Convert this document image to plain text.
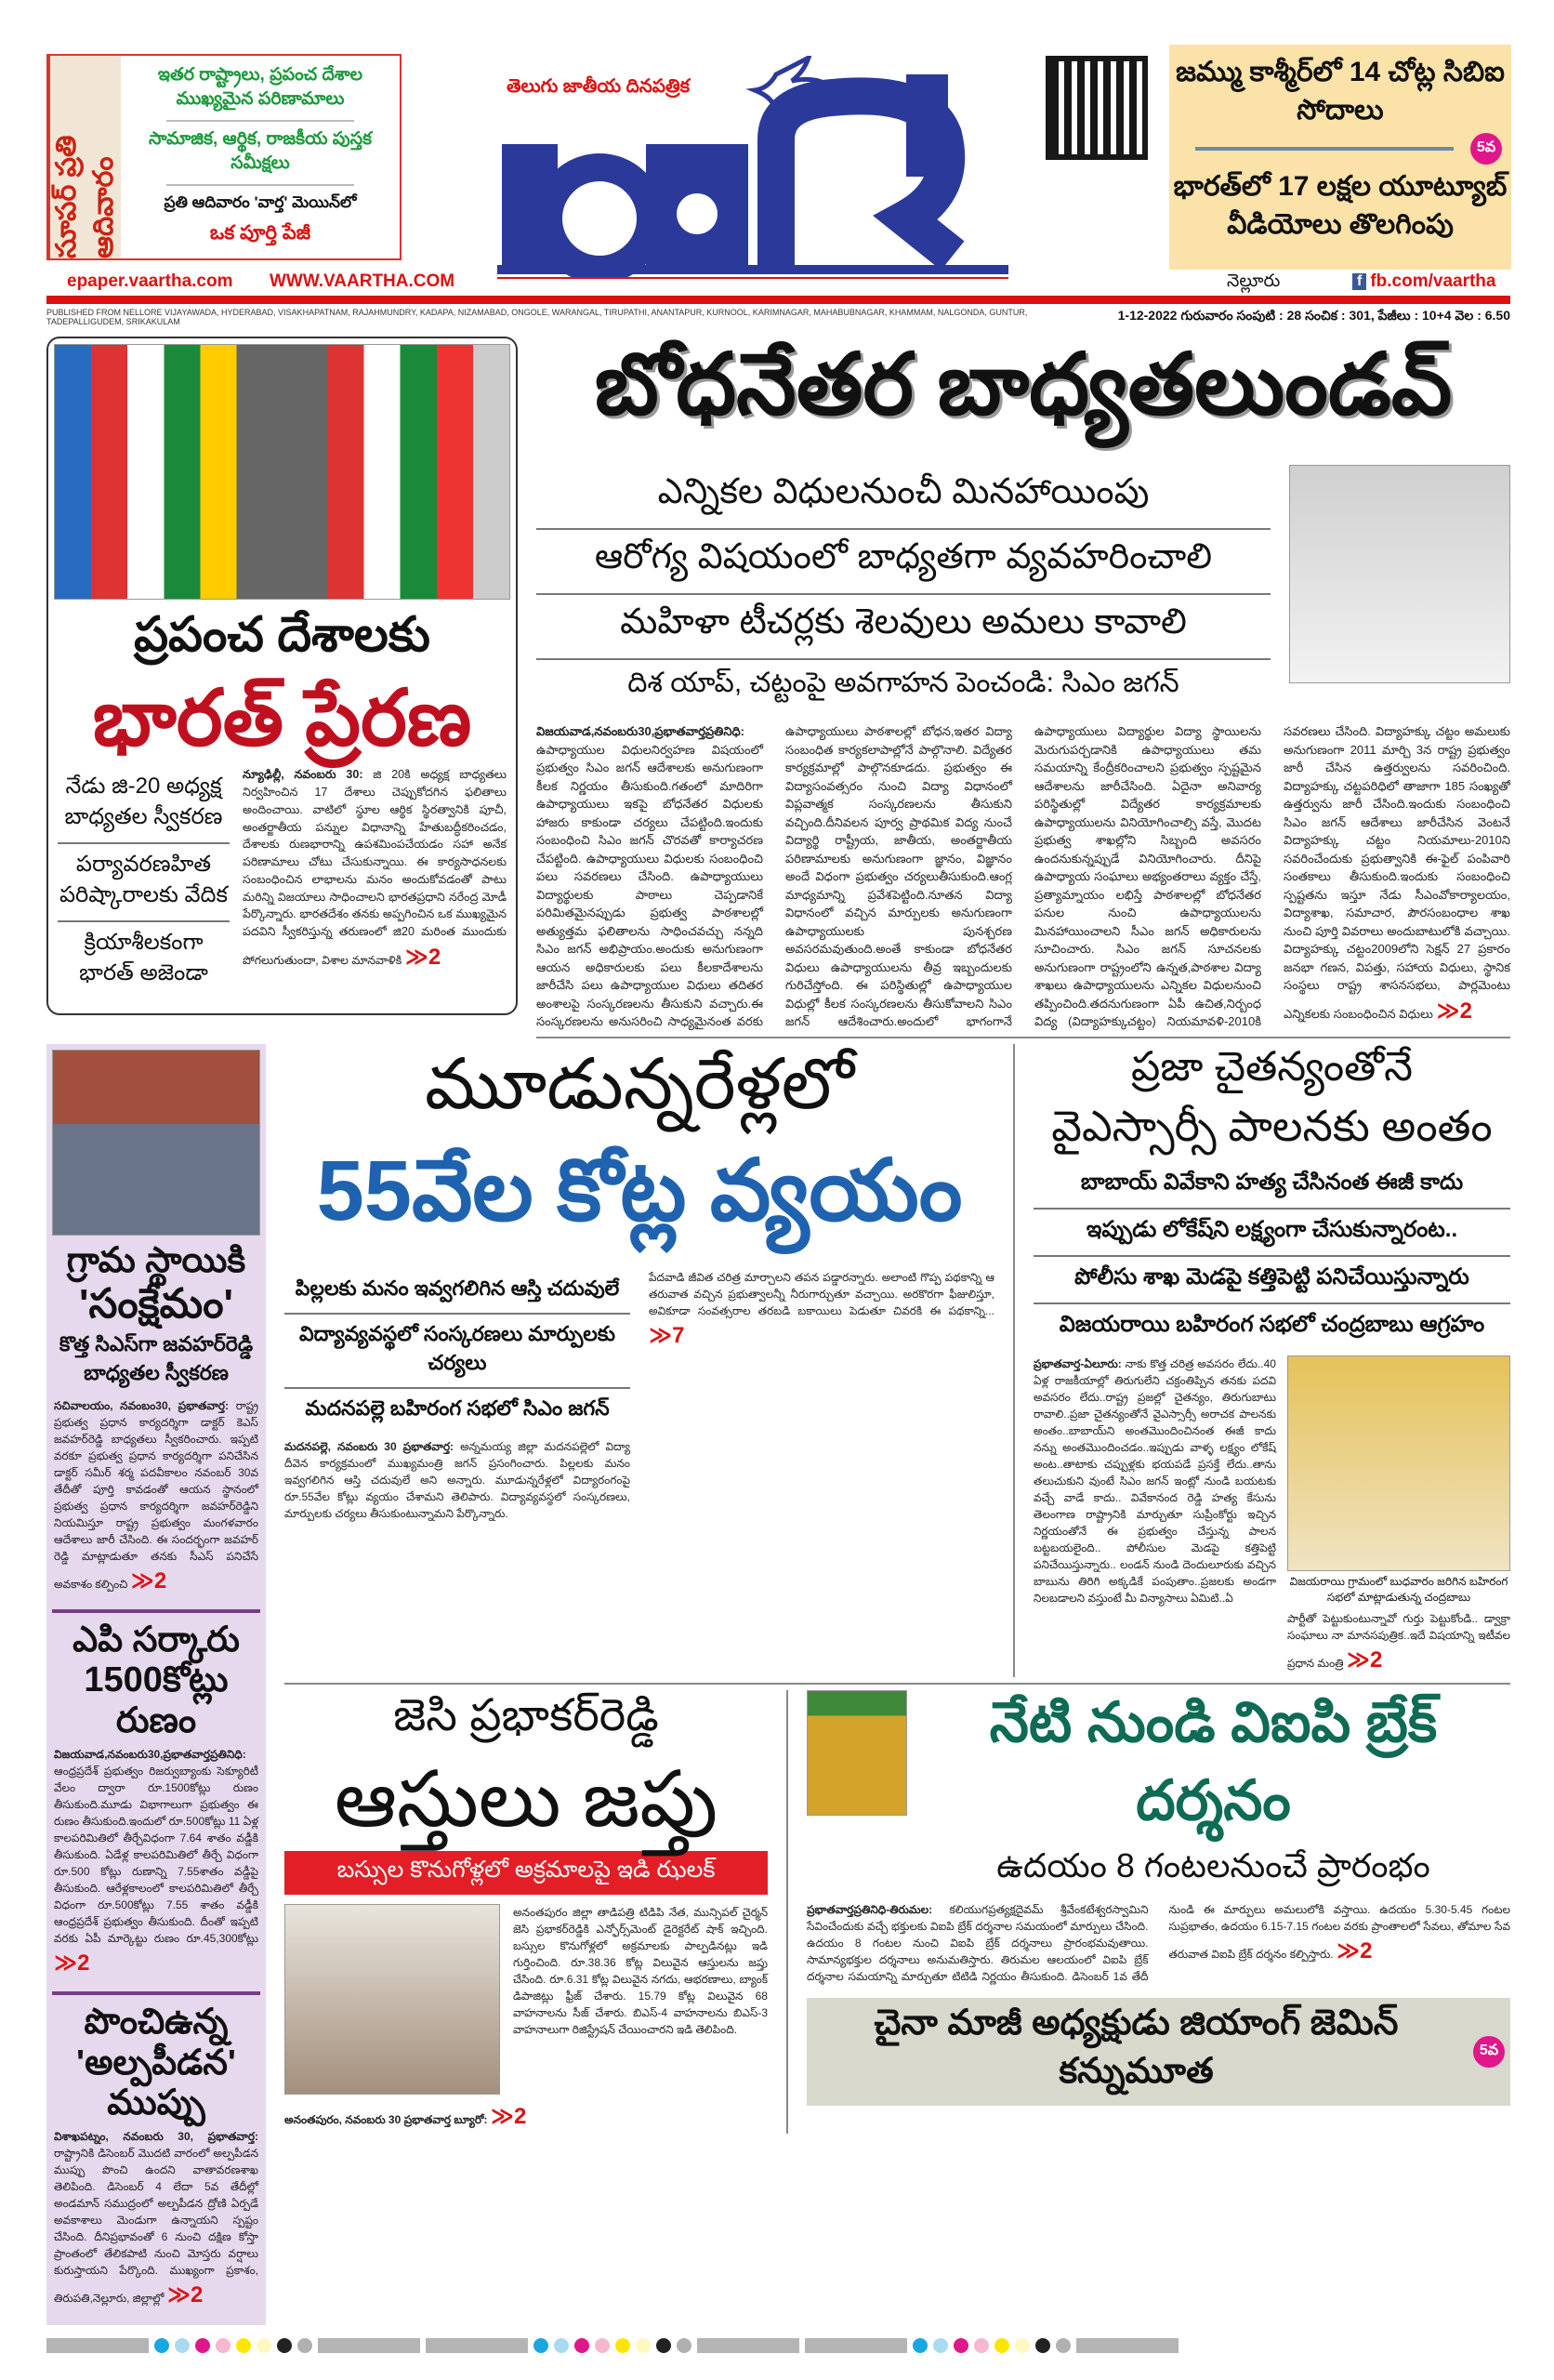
సూపర్ ప్రతి ఆదివారం
ఇతర రాష్ట్రాలు, ప్రపంచ దేశాల ముఖ్యమైన పరిణామాలు
సామాజిక, ఆర్థిక, రాజకీయ పుస్తక సమీక్షలు
ప్రతి ఆదివారం 'వార్త' మెయిన్‌లో
ఒక పూర్తి పేజీ
తెలుగు జాతీయ దినపత్రిక	జమ్ము కాశ్మీర్‌లో 14 చోట్ల సిబిఐ సోదాలు
5వ
భారత్‌లో 17 లక్షల యూట్యూబ్ వీడియోలు తొలగింపు
epaper.vaartha.com WWW.VAARTHA.COM	నెల్లూరు	f fb.com/vaartha
PUBLISHED FROM NELLORE VIJAYAWADA, HYDERABAD, VISAKHAPATNAM, RAJAHMUNDRY, KADAPA, NIZAMABAD, ONGOLE, WARANGAL, TIRUPATHI, ANANTAPUR, KURNOOL, KARIMNAGAR, MAHABUBNAGAR, KHAMMAM, NALGONDA, GUNTUR, TADEPALLIGUDEM, SRIKAKULAM	1-12-2022 గురువారం సంపుటి : 28 సంచిక : 301, పేజీలు : 10+4 వెల : 6.50
ప్రపంచ దేశాలకు
భారత్ ప్రేరణ
నేడు జి-20 అధ్యక్ష బాధ్యతల స్వీకరణ
పర్యావరణహిత పరిష్కారాలకు వేదిక
క్రియాశీలకంగా భారత్ అజెండా
న్యూఢిల్లీ, నవంబరు 30: జి 20కి అధ్యక్ష బాధ్యతలు నిర్వహించిన 17 దేశాలు చెప్పుకోదగిన ఫలితాలు అందించాయి. వాటిలో స్థూల ఆర్థిక స్థిరత్వానికి పూచీ, అంతర్జాతీయ పన్నుల విధానాన్ని హేతుబద్ధీకరించడం, దేశాలకు రుణభారాన్ని ఉపశమింపచేయడం సహా అనేక పరిణామాలు చోటు చేసుకున్నాయి. ఈ కార్యసాధనలకు సంబంధించిన లాభాలను మనం అందుకోవడంతో పాటు మరిన్ని విజయాలు సాధించాలని భారతప్రధాని నరేంద్ర మోడీ పేర్కొన్నారు. భారతదేశం తనకు అప్పగించిన ఒక ముఖ్యమైన పదవిని స్వీకరిస్తున్న తరుణంలో జి20 మరింత ముందుకు పోగలుగుతుందా, విశాల మానవాళికి ≫2
బోధనేతర బాధ్యతలుండవ్
ఎన్నికల విధులనుంచీ మినహాయింపు
ఆరోగ్య విషయంలో బాధ్యతగా వ్యవహరించాలి
మహిళా టీచర్లకు శెలవులు అమలు కావాలి
దిశ యాప్, చట్టంపై అవగాహన పెంచండి: సిఎం జగన్
విజయవాడ,నవంబరు30,ప్రభాతవార్తప్రతినిధి: ఉపాధ్యాయుల విధులనిర్వహణ విషయంలో ప్రభుత్వం సిఎం జగన్ ఆదేశాలకు అనుగుణంగా కీలక నిర్ణయం తీసుకుంది.గతంలో మాదిరిగా ఉపాధ్యాయులు ఇకపై బోధనేతర విధులకు హాజరు కాకుండా చర్యలు చేపట్టింది.ఇందుకు సంబంధించి సిఎం జగన్ చొరవతో కార్యాచరణ చేపట్టింది. ఉపాధ్యాయులు విధులకు సంబంధించి పలు సవరణలు చేసింది. ఉపాధ్యాయులు విద్యార్థులకు పాఠాలు చెప్పడానికే పరిమితమైనప్పుడు ప్రభుత్వ పాఠశాలల్లో అత్యుత్తమ ఫలితాలను సాధించవచ్చు నన్నది సిఎం జగన్ అభిప్రాయం.అందుకు అనుగుణంగా ఆయన అధికారులకు పలు కీలకాదేశాలను జారీచేసి పలు ఉపాధ్యాయుల విధులు తదితర అంశాలపై సంస్కరణలను తీసుకుని వచ్చారు.ఈ సంస్కరణలను అనుసరించి సాధ్యమైనంత వరకు ఉపాధ్యాయులు పాఠశాలల్లో బోధన,ఇతర విద్యా సంబంధిత కార్యకలాపాల్లోనే పాల్గొనాలి. విద్యేతర కార్యక్రమాల్లో పాల్గొనకూడదు. ప్రభుత్వం ఈ విద్యాసంవత్సరం నుంచి విద్యా విధానంలో విప్లవాత్మక సంస్కరణలను తీసుకుని వచ్చింది.దీనివలన పూర్వ ప్రాథమిక విద్య నుంచే విద్యార్థి రాష్ట్రీయ, జాతీయ, అంతర్జాతీయ పరిణామాలకు అనుగుణంగా జ్ఞానం, విజ్ఞానం అందే విధంగా ప్రభుత్వం చర్యలుతీసుకుంది.ఆంగ్ల మాధ్యమాన్ని ప్రవేశపెట్టింది.నూతన విద్యా విధానంలో వచ్చిన మార్పులకు అనుగుణంగా ఉపాధ్యాయులకు పునశ్చరణ అవసరమవుతుంది.అంతే కాకుండా బోధనేతర విధులు ఉపాధ్యాయులను తీవ్ర ఇబ్బందులకు గురిచేస్తోంది. ఈ పరిస్థితుల్లో ఉపాధ్యాయుల విధుల్లో కీలక సంస్కరణలను తీసుకోవాలని సిఎం జగన్ ఆదేశించారు.అందులో భాగంగానే ఉపాధ్యాయులు విద్యార్థుల విద్యా స్థాయిలను మెరుగుపర్చడానికి ఉపాధ్యాయులు తమ సమయాన్ని కేంద్రీకరించాలని ప్రభుత్వం స్పష్టమైన ఆదేశాలను జారీచేసింది. ఏదైనా అనివార్య పరిస్థితుల్లో విద్యేతర కార్యక్రమాలకు ఉపాధ్యాయులను వినియోగించాల్సి వస్తే, మొదట ప్రభుత్వ శాఖల్లోని సిబ్బంది అవసరం ఉందనుకున్నప్పుడే వినియోగించారు. దీనిపై ఉపాధ్యాయ సంఘాలు అభ్యంతరాలు వ్యక్తం చేస్తే, ప్రత్యామ్నాయం లభిస్తే పాఠశాలల్లో బోధనేతర పనుల నుంచి ఉపాధ్యాయులను మినహాయించాలని సీఎం జగన్ అధికారులను సూచించారు. సిఎం జగన్ సూచనలకు అనుగుణంగా రాష్ట్రంలోని ఉన్నత,పాఠశాల విద్యా శాఖలు ఉపాధ్యాయులను ఎన్నికల విధులనుంచి తప్పించింది.తదనుగుణంగా ఏపీ ఉచిత,నిర్బంధ విద్య (విద్యాహక్కుచట్టం) నియమావళి-2010కి సవరణలు చేసింది. విద్యాహక్కు చట్టం అమలుకు అనుగుణంగా 2011 మార్చి 3న రాష్ట్ర ప్రభుత్వం జారీ చేసిన ఉత్తర్వులను సవరించింది. విద్యాహక్కు చట్టపరిధిలో తాజాగా 185 సంఖ్యతో ఉత్తర్వును జారీ చేసింది.ఇందుకు సంబంధించి సిఎం జగన్ ఆదేశాలు జారీచేసిన వెంటనే విద్యాహక్కు చట్టం నియమాలు-2010ని సవరించేందుకు ప్రభుత్వానికి ఈ-ఫైల్ పంపివారి సంతకాలు తీసుకుంది.ఇందుకు సంబంధించి స్పష్టతను ఇస్తూ నేడు సీఎంవోకార్యాలయం, విద్యాశాఖ, సమాచార, పౌరసంబంధాల శాఖ నుంచి పూర్తి వివరాలు అందుబాటులోకి వచ్చాయి. విద్యాహక్కు చట్టం2009లోని సెక్షన్ 27 ప్రకారం జనభా గణన, విపత్తు, సహాయ విధులు, స్థానిక సంస్థలు రాష్ట్ర శాసనసభలు, పార్లమెంటు ఎన్నికలకు సంబంధించిన విధులు ≫2
గ్రామ స్థాయికి
'సంక్షేమం'
కొత్త సిఎస్‌గా జవహర్‌రెడ్డి బాధ్యతల స్వీకరణ
సచివాలయం, నవంబం30, ప్రభాతవార్త: రాష్ట్ర ప్రభుత్వ ప్రధాన కార్యదర్శిగా డాక్టర్ కెఎస్ జవహర్‌రెడ్డి బాధ్యతలు స్వీకరించారు. ఇప్పటి వరకూ ప్రభుత్వ ప్రధాన కార్యదర్శిగా పనిచేసిన డాక్టర్ సమీర్ శర్మ పదవీకాలం నవంబర్ 30వ తేదీతో పూర్తి కావడంతో ఆయన స్థానంలో ప్రభుత్వ ప్రధాన కార్యదర్శిగా జవహర్‌రెడ్డిని నియమిస్తూ రాష్ట్ర ప్రభుత్వం మంగళవారం ఆదేశాలు జారీ చేసింది. ఈ సందర్భంగా జవహర్ రెడ్డి మాట్లాడుతూ తనకు సీఎస్ పనిచేసే అవకాశం కల్పించి ≫2
ఎపి సర్కారు
1500కోట్లు రుణం
విజయవాడ,నవంబరు30,ప్రభాతవార్తప్రతినిధి: ఆంధ్రప్రదేశ్ ప్రభుత్వం రిజర్వుబ్యాంకు సెక్యూరిటీ వేలం ద్వారా రూ.1500కోట్లు రుణం తీసుకుంది.మూడు విభాగాలుగా ప్రభుత్వం ఈ రుణం తీసుకుంది.ఇందులో రూ.500కోట్లు 11 ఏళ్ల కాలపరిమితిలో తీర్చేవిధంగా 7.64 శాతం వడ్డీకి తీసుకుంది. ఏడేళ్ల కాలపరిమితిలో తీర్చే విధంగా రూ.500 కోట్లు రుణాన్ని 7.55శాతం వడ్డీపై తీసుకుంది. ఆరేళ్లకాలంలో కాలపరిమితిలో తీర్చే విధంగా రూ.500కోట్లు 7.55 శాతం వడ్డీకి ఆంధ్రప్రదేశ్ ప్రభుత్వం తీసుకుంది. దీంతో ఇప్పటి వరకు ఏపీ మార్కెట్టు రుణం రూ.45,300కోట్లు ≫2
పొంచిఉన్న
'అల్పపీడన' ముప్పు
విశాఖపట్నం, నవంబరు 30, ప్రభాతవార్త: రాష్ట్రానికి డిసెంబర్ మొదటి వారంలో అల్పపీడన ముప్పు పొంచి ఉందని వాతావరణశాఖ తెలిపింది. డిసెంబర్ 4 లేదా 5వ తేదీల్లో అండమాన్ సముద్రంలో అల్పపీడన ద్రోణి ఏర్పడే అవకాశాలు మెండుగా ఉన్నాయని స్పష్టం చేసింది. దీనిప్రభావంతో 6 నుంచి దక్షిణ కోస్తా ప్రాంతంలో తేలికపాటి నుంచి మోస్తరు వర్షాలు కురుస్తాయని పేర్కొంది. ముఖ్యంగా ప్రకాశం, తిరుపతి,నెల్లూరు, జిల్లాల్లో ≫2
మూడున్నరేళ్లలో
55వేల కోట్ల వ్యయం
పిల్లలకు మనం ఇవ్వగలిగిన ఆస్తి చదువులే
విద్యావ్యవస్థలో సంస్కరణలు మార్పులకు చర్యలు
మదనపల్లె బహిరంగ సభలో సిఎం జగన్
మదనపల్లె, నవంబరు 30 ప్రభాతవార్త: అన్నమయ్య జిల్లా మదనపల్లెలో విద్యా దీవెన కార్యక్రమంలో ముఖ్యమంత్రి జగన్ ప్రసంగించారు. పిల్లలకు మనం ఇవ్వగలిగిన ఆస్తి చదువులే అని అన్నారు. మూడున్నరేళ్లలో విద్యారంగంపై రూ.55వేల కోట్లు వ్యయం చేశామని తెలిపారు. విద్యావ్యవస్థలో సంస్కరణలు, మార్పులకు చర్యలు తీసుకుంటున్నామని పేర్కొన్నారు.
పేదవాడి జీవిత చరిత్ర మార్చాలని తపన పడ్డారన్నారు. అలాంటి గొప్ప పథకాన్ని ఆ తరువాత వచ్చిన ప్రభుత్వాలన్నీ నీరుగార్చుతూ వచ్చాయి. అరకొరగా ఫీజులిస్తూ, అవికూడా సంవత్సరాల తరబడి బకాయిలు పెడుతూ చివరకి ఈ పథకాన్ని... ≫7
ప్రజా చైతన్యంతోనే
వైఎస్సార్సీ పాలనకు అంతం
బాబాయ్ వివేకాని హత్య చేసినంత ఈజీ కాదు
ఇప్పుడు లోకేష్‌ని లక్ష్యంగా చేసుకున్నారంట..
పోలీసు శాఖ మెడపై కత్తిపెట్టి పనిచేయిస్తున్నారు
విజయరాయి బహిరంగ సభలో చంద్రబాబు ఆగ్రహం
ప్రభాతవార్త-ఏలూరు: నాకు కొత్త చరిత్ర అవసరం లేదు..40 ఏళ్ల రాజకీయాల్లో తిరుగులేని చక్రంతిప్పిన తనకు పదవి అవసరం లేదు..రాష్ట్ర ప్రజల్లో చైతన్యం, తిరుగుబాటు రావాలి..ప్రజా చైతన్యంతోనే వైఎస్సార్సీ అరాచక పాలనకు అంతం..బాబాయ్‌ని అంతమొందించినంత ఈజీ కాదు నన్ను అంతమొందించడం..ఇప్పుడు వాళ్ళ లక్ష్యం లోకేష్ అంట..తాటాకు చప్పుళ్లకు భయపడే ప్రసక్తే లేదు..తాను తలుచుకుని వుంటే సిఎం జగన్ ఇంట్లో నుండి బయటకు వచ్చే వాడే కాదు.. వివేకానంద రెడ్డి హత్య కేసును తెలంగాణ రాష్ట్రానికి మార్చుతూ సుప్రీంకోర్టు ఇచ్చిన నిర్ణయంతోనే ఈ ప్రభుత్వం చేస్తున్న పాలన బట్టబయలైంది.. పోలీసుల మెడపై కత్తిపెట్టి పనిచేయిస్తున్నారు.. లండన్ నుండి దెందులూరుకు వచ్చిన బాబును తిరిగి అక్కడికే పంపుతాం..ప్రజలకు అండగా నిలబడాలని వస్తుంటే మీ విన్యాసాలు ఏమిటి..ఏ
విజయరాయి గ్రామంలో బుధవారం జరిగిన బహిరంగ సభలో మాట్లాడుతున్న చంద్రబాబు
పార్టీతో పెట్టుకుంటున్నావో గుర్తు పెట్టుకోండి.. డ్వాక్రా సంఘాలు నా మానసపుత్రిక..ఇదే విషయాన్ని ఇటీవల ప్రధాన మంత్రి ≫2
జెసి ప్రభాకర్‌రెడ్డి
ఆస్తులు జప్తు
బస్సుల కొనుగోళ్లలో అక్రమాలపై ఇడి ఝలక్
అనంతపురం జిల్లా తాడిపత్రి టిడిపి నేత, మున్సిపల్ చైర్మన్ జెసి ప్రభాకర్‌రెడ్డికి ఎన్ఫోర్స్‌మెంట్ డైరెక్టరేట్ షాక్ ఇచ్చింది. బస్సుల కొనుగోళ్లలో అక్రమాలకు పాల్పడినట్లు ఇడి గుర్తించింది. రూ.38.36 కోట్ల విలువైన ఆస్తులను జప్తు చేసింది. రూ.6.31 కోట్ల విలువైన నగదు, ఆభరణాలు, బ్యాంక్ డిపాజిట్లు ఫ్రీజ్ చేశారు. 15.79 కోట్ల విలువైన 68 వాహనాలను సీజ్ చేశారు. బిఎస్-4 వాహనాలను బిఎస్-3 వాహనాలుగా రిజిస్ట్రేషన్ చేయించారని ఇడి తెలిపింది.
అనంతపురం, నవంబరు 30 ప్రభాతవార్త బ్యూరో: ≫2
నేటి నుండి విఐపి బ్రేక్ దర్శనం
ఉదయం 8 గంటలనుంచే ప్రారంభం
ప్రభాతవార్తప్రతినిధి-తిరుమల: కలియుగప్రత్యక్షదైవమ్ శ్రీవేంకటేశ్వరస్వామిని సేవించేందుకు వచ్చే భక్తులకు విఐపి బ్రేక్ దర్శనాల సమయంలో మార్పులు చేసింది. ఉదయం 8 గంటల నుంచి విఐపి బ్రేక్ దర్శనాలు ప్రారంభమవుతాయి. సామాన్యభక్తుల దర్శనాలు అనుమతిస్తారు. తిరుమల ఆలయంలో విఐపి బ్రేక్ దర్శనాల సమయాన్ని మార్చుతూ టిటిడి నిర్ణయం తీసుకుంది. డిసెంబర్ 1వ తేదీ నుండి ఈ మార్పులు అమలులోకి వస్తాయి. ఉదయం 5.30-5.45 గంటల సుప్రభాతం, ఉదయం 6.15-7.15 గంటల వరకు ప్రాంతాలలో సేవలు, తోమాల సేవ తరువాత విఐపి బ్రేక్ దర్శనం కల్పిస్తారు. ≫2
చైనా మాజీ అధ్యక్షుడు జియాంగ్ జెమిన్ కన్నుమూత
5వ
